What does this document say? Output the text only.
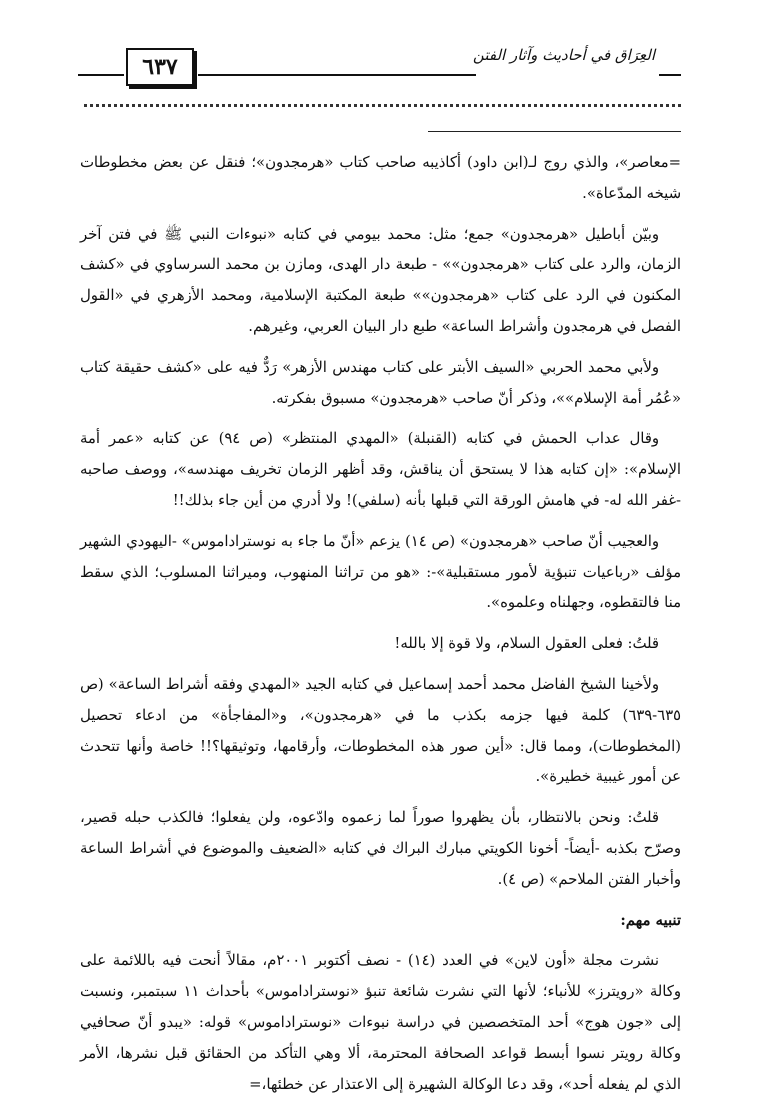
٦٣٧	العِرَاق في أحاديث وآثار الفتن

=معاصر»، والذي روج لـ(ابن داود) أكاذيبه صاحب كتاب «هرمجدون»؛ فنقل عن بعض مخطوطات شيخه المدّعاة».

وبيّن أباطيل «هرمجدون» جمع؛ مثل: محمد بيومي في كتابه «نبوءات النبي ﷺ في فتن آخر الزمان، والرد على كتاب «هرمجدون»» - طبعة دار الهدى، ومازن بن محمد السرساوي في «كشف المكنون في الرد على كتاب «هرمجدون»» طبعة المكتبة الإسلامية، ومحمد الأزهري في «القول الفصل في هرمجدون وأشراط الساعة» طبع دار البيان العربي، وغيرهم.

ولأبي محمد الحربي «السيف الأبتر على كتاب مهندس الأزهر» رَدٌّ فيه على «كشف حقيقة كتاب «عُمُر أمة الإسلام»»، وذكر أنّ صاحب «هرمجدون» مسبوق بفكرته.

وقال عداب الحمش في كتابه (القنبلة) «المهدي المنتظر» (ص ٩٤) عن كتابه «عمر أمة الإسلام»: «إن كتابه هذا لا يستحق أن يناقش، وقد أظهر الزمان تخريف مهندسه»، ووصف صاحبه -غفر الله له- في هامش الورقة التي قبلها بأنه (سلفي)! ولا أدري من أين جاء بذلك!!

والعجيب أنّ صاحب «هرمجدون» (ص ١٤) يزعم «أنّ ما جاء به نوستراداموس» -اليهودي الشهير مؤلف «رباعيات تنبؤية لأمور مستقبلية»-: «هو من تراثنا المنهوب، وميراثنا المسلوب؛ الذي سقط منا فالتقطوه، وجهلناه وعلموه».

قلتُ: فعلى العقول السلام، ولا قوة إلا بالله!

ولأخينا الشيخ الفاضل محمد أحمد إسماعيل في كتابه الجيد «المهدي وفقه أشراط الساعة» (ص ٦٣٥-٦٣٩) كلمة فيها جزمه بكذب ما في «هرمجدون»، و«المفاجأة» من ادعاء تحصيل (المخطوطات)، ومما قال: «أين صور هذه المخطوطات، وأرقامها، وتوثيقها؟!! خاصة وأنها تتحدث عن أمور غيبية خطيرة».

قلتُ: ونحن بالانتظار، بأن يظهروا صوراً لما زعموه وادّعوه، ولن يفعلوا؛ فالكذب حبله قصير، وصرّح بكذبه -أيضاً- أخونا الكويتي مبارك البراك في كتابه «الضعيف والموضوع في أشراط الساعة وأخبار الفتن الملاحم» (ص ٤).

تنبيه مهم:

نشرت مجلة «أون لاين» في العدد (١٤) - نصف أكتوبر ٢٠٠١م، مقالاً أنحت فيه باللائمة على وكالة «رويترز» للأنباء؛ لأنها التي نشرت شائعة تنبؤ «نوستراداموس» بأحداث ١١ سبتمبر، ونسبت إلى «جون هوج» أحد المتخصصين في دراسة نبوءات «نوستراداموس» قوله: «يبدو أنّ صحافيي وكالة رويتر نسوا أبسط قواعد الصحافة المحترمة، ألا وهي التأكد من الحقائق قبل نشرها، الأمر الذي لم يفعله أحد»، وقد دعا الوكالة الشهيرة إلى الاعتذار عن خطئها،=
